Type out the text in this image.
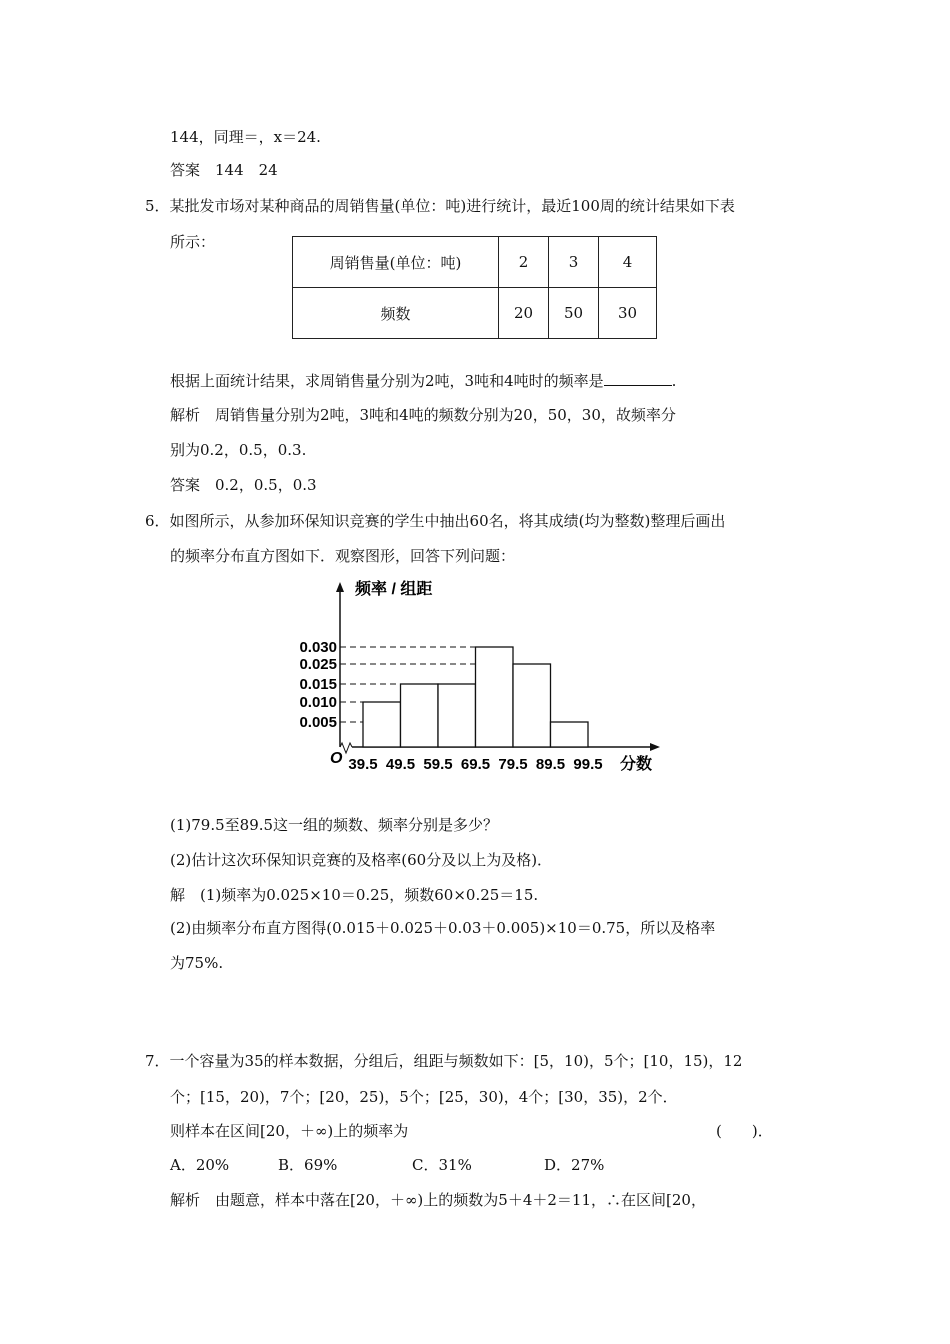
144，同理＝，x＝24.
答案　144　24
5．某批发市场对某种商品的周销售量(单位：吨)进行统计，最近100周的统计结果如下表
所示：
周销售量(单位：吨)	2	3	4
频数	20	50	30
根据上面统计结果，求周销售量分别为2吨，3吨和4吨时的频率是	.
解析　周销售量分别为2吨，3吨和4吨的频数分别为20，50，30，故频率分
别为0.2，0.5，0.3.
答案　0.2，0.5，0.3
6．如图所示，从参加环保知识竞赛的学生中抽出60名，将其成绩(均为整数)整理后画出
的频率分布直方图如下．观察图形，回答下列问题：
频率 / 组距
O	分数
0.030
0.025
0.015
0.010
0.005
39.5 49.5 59.5 69.5 79.5 89.5 99.5
(1)79.5至89.5这一组的频数、频率分别是多少？
(2)估计这次环保知识竞赛的及格率(60分及以上为及格)．
解　(1)频率为0.025×10＝0.25，频数60×0.25＝15.
(2)由频率分布直方图得(0.015＋0.025＋0.03＋0.005)×10＝0.75，所以及格率
为75%.
7．一个容量为35的样本数据，分组后，组距与频数如下：[5，10)，5个；[10，15)，12
个；[15，20)，7个；[20，25)，5个；[25，30)，4个；[30，35)，2个．
则样本在区间[20，＋∞)上的频率为	(　　)．
A．20%	B．69%	C．31%	D．27%
解析　由题意，样本中落在[20，＋∞)上的频数为5＋4＋2＝11，∴在区间[20，
